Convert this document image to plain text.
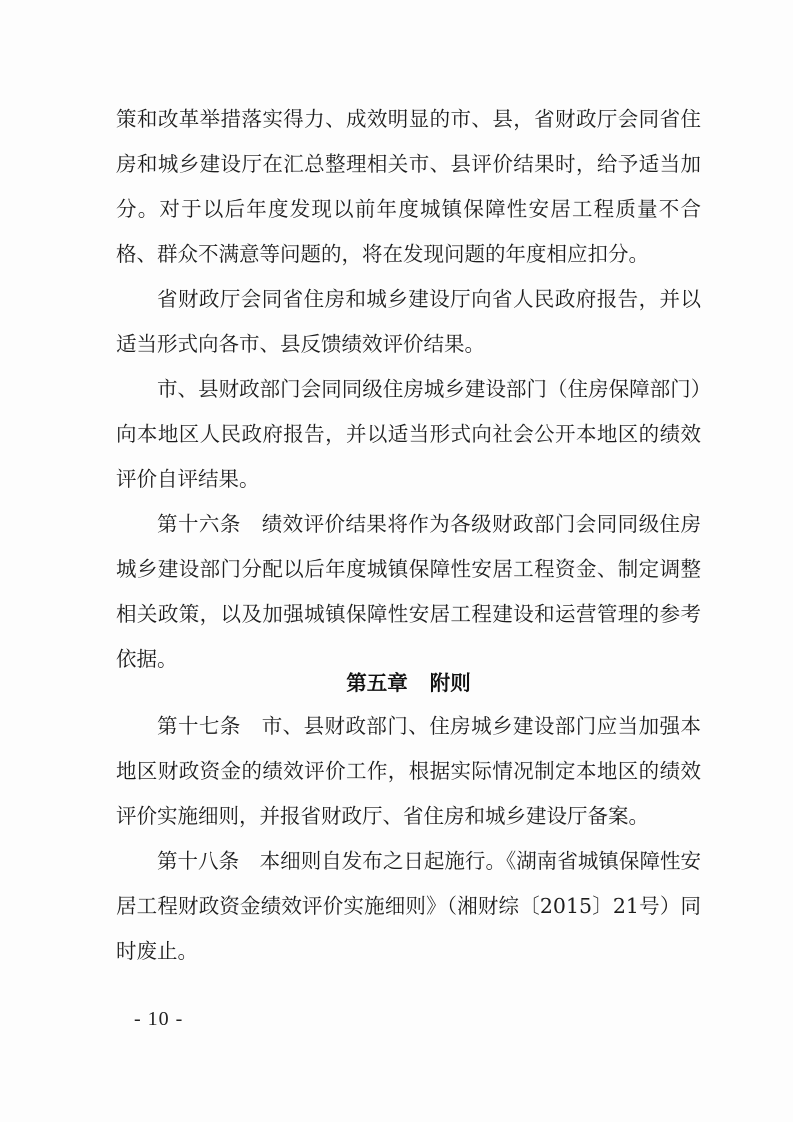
策和改革举措落实得力、成效明显的市、县，省财政厅会同省住房和城乡建设厅在汇总整理相关市、县评价结果时，给予适当加分。对于以后年度发现以前年度城镇保障性安居工程质量不合格、群众不满意等问题的，将在发现问题的年度相应扣分。

省财政厅会同省住房和城乡建设厅向省人民政府报告，并以适当形式向各市、县反馈绩效评价结果。

市、县财政部门会同同级住房城乡建设部门（住房保障部门）向本地区人民政府报告，并以适当形式向社会公开本地区的绩效评价自评结果。

第十六条　绩效评价结果将作为各级财政部门会同同级住房城乡建设部门分配以后年度城镇保障性安居工程资金、制定调整相关政策，以及加强城镇保障性安居工程建设和运营管理的参考依据。

第五章 附则

第十七条　市、县财政部门、住房城乡建设部门应当加强本地区财政资金的绩效评价工作，根据实际情况制定本地区的绩效评价实施细则，并报省财政厅、省住房和城乡建设厅备案。

第十八条　本细则自发布之日起施行。《湖南省城镇保障性安居工程财政资金绩效评价实施细则》（湘财综〔2015〕21号）同时废止。

- 10 -
